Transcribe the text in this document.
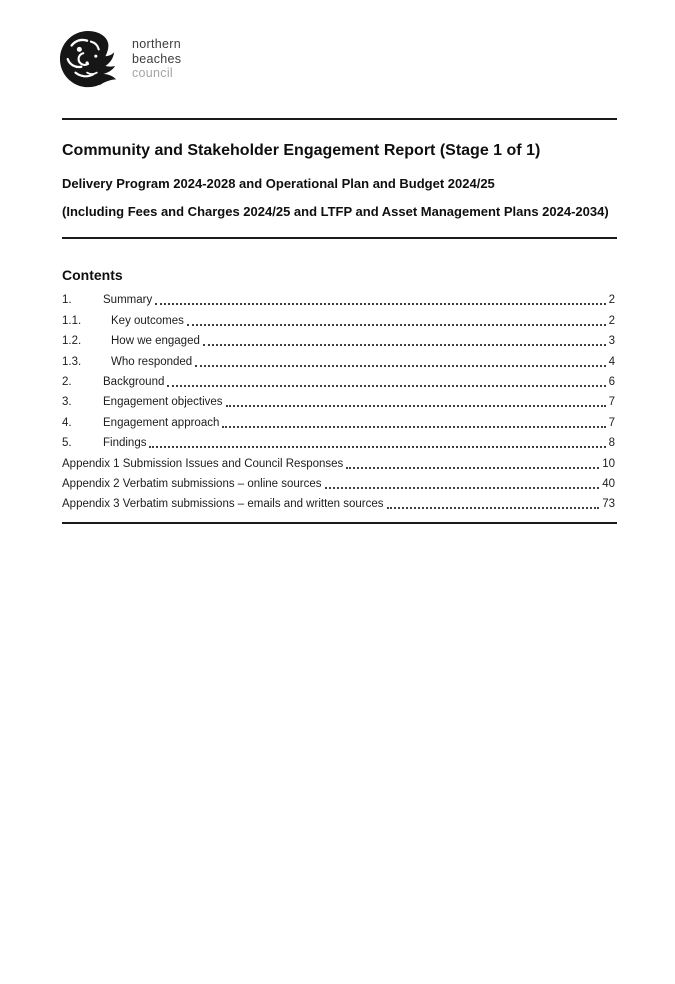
northern
beaches
council
Community and Stakeholder Engagement Report (Stage 1 of 1)
Delivery Program 2024-2028 and Operational Plan and Budget 2024/25
(Including Fees and Charges 2024/25 and LTFP and Asset Management Plans 2024-2034)
Contents
1.	Summary	2
1.1.	Key outcomes	2
1.2.	How we engaged	3
1.3.	Who responded	4
2.	Background	6
3.	Engagement objectives	7
4.	Engagement approach	7
5.	Findings	8
Appendix 1 Submission Issues and Council Responses	10
Appendix 2 Verbatim submissions – online sources	40
Appendix 3 Verbatim submissions – emails and written sources	73
